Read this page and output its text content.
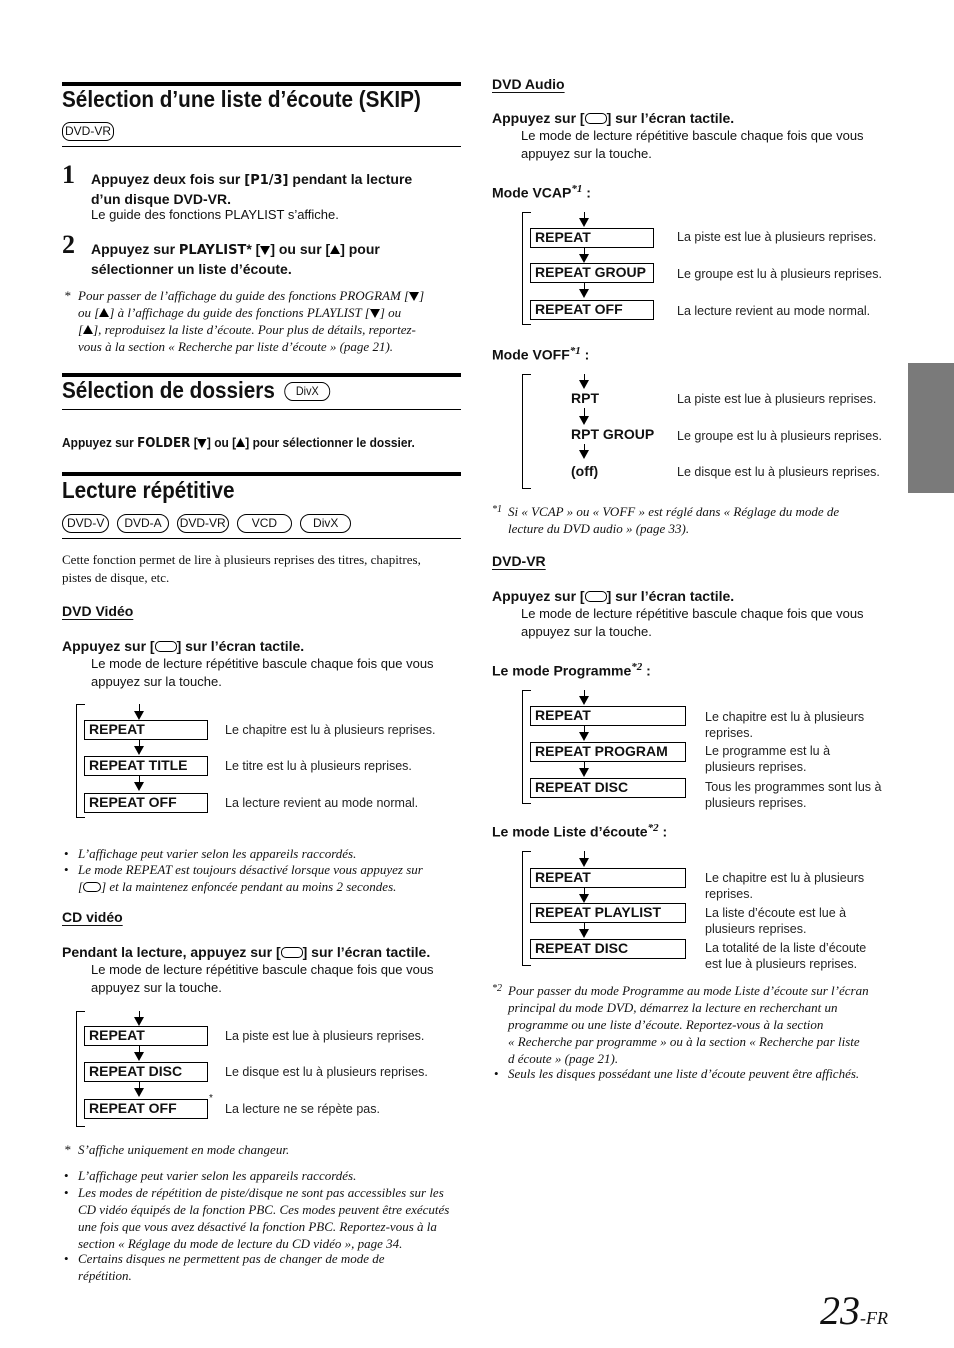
Sélection d’une liste d’écoute (SKIP)
DVD-VR
1 Appuyez deux fois sur [P1/3] pendant la lecture
d’un disque DVD-VR.
Le guide des fonctions PLAYLIST s’affiche.
2 Appuyez sur PLAYLIST* [ ] ou sur [ ] pour
sélectionner un liste d’écoute.
* Pour passer de l’affichage du guide des fonctions PROGRAM [ ]
ou [ ] à l’affichage du guide des fonctions PLAYLIST [ ] ou
[ ], reproduisez la liste d’écoute. Pour plus de détails, reportez-
vous à la section « Recherche par liste d’écoute » (page 21).
Sélection de dossiers DivX
Appuyez sur FOLDER [ ] ou [ ] pour sélectionner le dossier.
Lecture répétitive
DVD-V DVD-A DVD-VR VCD	DivX
Cette fonction permet de lire à plusieurs reprises des titres, chapitres,
pistes de disque, etc.
DVD Vidéo
Appuyez sur [ ] sur l’écran tactile.
Le mode de lecture répétitive bascule chaque fois que vous
appuyez sur la touche.
REPEAT
REPEAT TITLE
REPEAT OFF
Le chapitre est lu à plusieurs reprises.
Le titre est lu à plusieurs reprises.
La lecture revient au mode normal.
• L’affichage peut varier selon les appareils raccordés.
• Le mode REPEAT est toujours désactivé lorsque vous appuyez sur
[ ] et la maintenez enfoncée pendant au moins 2 secondes.
CD vidéo
Pendant la lecture, appuyez sur [ ] sur l’écran tactile.
Le mode de lecture répétitive bascule chaque fois que vous
appuyez sur la touche.
REPEAT
REPEAT DISC
REPEAT OFF
*
La piste est lue à plusieurs reprises.
Le disque est lu à plusieurs reprises.
La lecture ne se répète pas.
* S’affiche uniquement en mode changeur.
• L’affichage peut varier selon les appareils raccordés.
• Les modes de répétition de piste/disque ne sont pas accessibles sur les
CD vidéo équipés de la fonction PBC. Ces modes peuvent être exécutés
une fois que vous avez désactivé la fonction PBC. Reportez-vous à la
section « Réglage du mode de lecture du CD vidéo », page 34.
• Certains disques ne permettent pas de changer de mode de
répétition.
DVD Audio
Appuyez sur [ ] sur l’écran tactile.
Le mode de lecture répétitive bascule chaque fois que vous
appuyez sur la touche.
Mode VCAP$^{*1}$ :
REPEAT
REPEAT GROUP
REPEAT OFF
La piste est lue à plusieurs reprises.
Le groupe est lu à plusieurs reprises.
La lecture revient au mode normal.
Mode VOFF$^{*1}$ :
RPT
RPT GROUP
(off)
La piste est lue à plusieurs reprises.
Le groupe est lu à plusieurs reprises.
Le disque est lu à plusieurs reprises.
*1 Si « VCAP » ou « VOFF » est réglé dans « Réglage du mode de
lecture du DVD audio » (page 33).
DVD-VR
Appuyez sur [ ] sur l’écran tactile.
Le mode de lecture répétitive bascule chaque fois que vous
appuyez sur la touche.
Le mode Programme$^{*2}$ :
REPEAT
REPEAT PROGRAM
REPEAT DISC
Le chapitre est lu à plusieurs
reprises.
Le programme est lu à
plusieurs reprises.
Tous les programmes sont lus à
plusieurs reprises.
Le mode Liste d’écoute$^{*2}$ :
REPEAT
REPEAT PLAYLIST
REPEAT DISC
Le chapitre est lu à plusieurs
reprises.
La liste d’écoute est lue à
plusieurs reprises.
La totalité de la liste d’écoute
est lue à plusieurs reprises.
*2 Pour passer du mode Programme au mode Liste d’écoute sur l’écran
principal du mode DVD, démarrez la lecture en recherchant un
programme ou une liste d’écoute. Reportez-vous à la section
« Recherche par programme » ou à la section « Recherche par liste
d écoute » (page 21).
• Seuls les disques possédant une liste d’écoute peuvent être affichés.
23-FR
